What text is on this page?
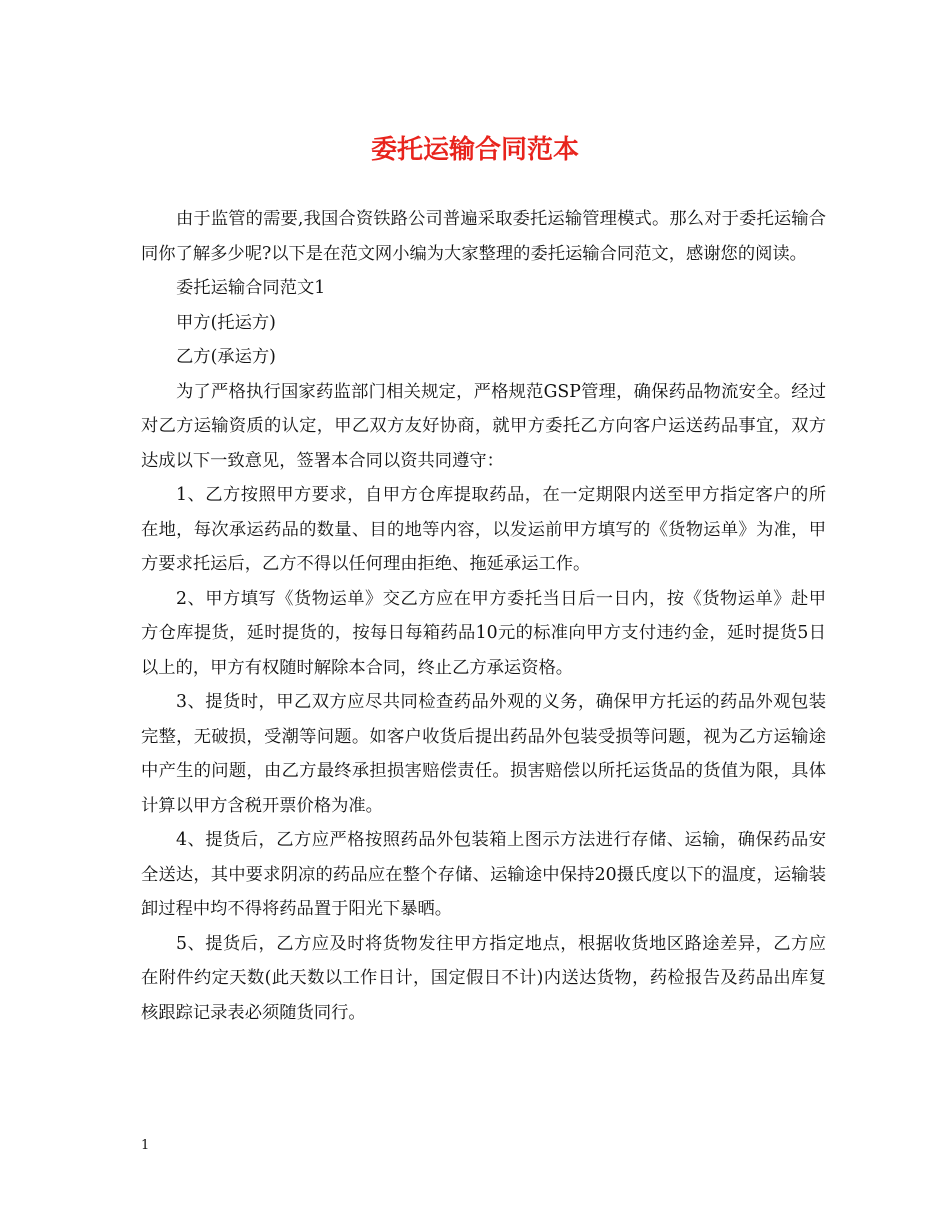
委托运输合同范本

由于监管的需要,我国合资铁路公司普遍采取委托运输管理模式。那么对于委托运输合同你了解多少呢?以下是在范文网小编为大家整理的委托运输合同范文，感谢您的阅读。

委托运输合同范文1

甲方(托运方)

乙方(承运方)

为了严格执行国家药监部门相关规定，严格规范GSP管理，确保药品物流安全。经过对乙方运输资质的认定，甲乙双方友好协商，就甲方委托乙方向客户运送药品事宜，双方达成以下一致意见，签署本合同以资共同遵守：

1、乙方按照甲方要求，自甲方仓库提取药品，在一定期限内送至甲方指定客户的所在地，每次承运药品的数量、目的地等内容，以发运前甲方填写的《货物运单》为准，甲方要求托运后，乙方不得以任何理由拒绝、拖延承运工作。

2、甲方填写《货物运单》交乙方应在甲方委托当日后一日内，按《货物运单》赴甲方仓库提货，延时提货的，按每日每箱药品10元的标准向甲方支付违约金，延时提货5日以上的，甲方有权随时解除本合同，终止乙方承运资格。

3、提货时，甲乙双方应尽共同检查药品外观的义务，确保甲方托运的药品外观包装完整，无破损，受潮等问题。如客户收货后提出药品外包装受损等问题，视为乙方运输途中产生的问题，由乙方最终承担损害赔偿责任。损害赔偿以所托运货品的货值为限，具体计算以甲方含税开票价格为准。

4、提货后，乙方应严格按照药品外包装箱上图示方法进行存储、运输，确保药品安全送达，其中要求阴凉的药品应在整个存储、运输途中保持20摄氏度以下的温度，运输装卸过程中均不得将药品置于阳光下暴晒。

5、提货后，乙方应及时将货物发往甲方指定地点，根据收货地区路途差异，乙方应在附件约定天数(此天数以工作日计，国定假日不计)内送达货物，药检报告及药品出库复核跟踪记录表必须随货同行。

1
